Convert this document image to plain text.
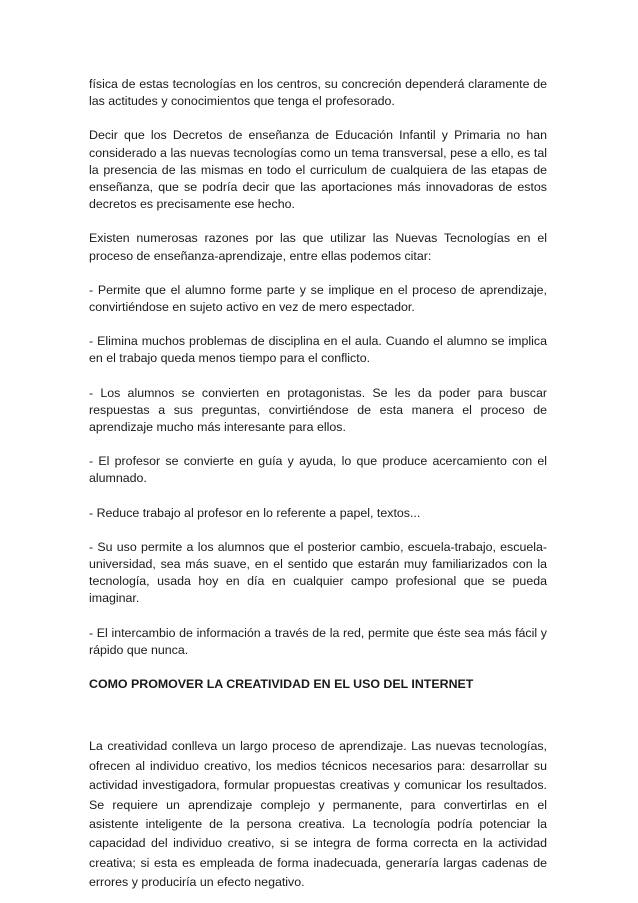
física de estas tecnologías en los centros, su concreción dependerá claramente de las actitudes y conocimientos que tenga el profesorado.

Decir que los Decretos de enseñanza de Educación Infantil y Primaria no han considerado a las nuevas tecnologías como un tema transversal, pese a ello, es tal la presencia de las mismas en todo el curriculum de cualquiera de las etapas de enseñanza, que se podría decir que las aportaciones más innovadoras de estos decretos es precisamente ese hecho.

Existen numerosas razones por las que utilizar las Nuevas Tecnologías en el proceso de enseñanza-aprendizaje, entre ellas podemos citar:

- Permite que el alumno forme parte y se implique en el proceso de aprendizaje, convirtiéndose en sujeto activo en vez de mero espectador.

- Elimina muchos problemas de disciplina en el aula. Cuando el alumno se implica en el trabajo queda menos tiempo para el conflicto.

- Los alumnos se convierten en protagonistas. Se les da poder para buscar respuestas a sus preguntas, convirtiéndose de esta manera el proceso de aprendizaje mucho más interesante para ellos.

- El profesor se convierte en guía y ayuda, lo que produce acercamiento con el alumnado.

- Reduce trabajo al profesor en lo referente a papel, textos...

- Su uso permite a los alumnos que el posterior cambio, escuela-trabajo, escuela-universidad, sea más suave, en el sentido que estarán muy familiarizados con la tecnología, usada hoy en día en cualquier campo profesional que se pueda imaginar.

- El intercambio de información a través de la red, permite que éste sea más fácil y rápido que nunca.

COMO PROMOVER LA CREATIVIDAD EN EL USO DEL INTERNET

La creatividad conlleva un largo proceso de aprendizaje. Las nuevas tecnologías, ofrecen al individuo creativo, los medios técnicos necesarios para: desarrollar su actividad investigadora, formular propuestas creativas y comunicar los resultados. Se requiere un aprendizaje complejo y permanente, para convertirlas en el asistente inteligente de la persona creativa. La tecnología podría potenciar la capacidad del individuo creativo, si se integra de forma correcta en la actividad creativa; si esta es empleada de forma inadecuada, generaría largas cadenas de errores y produciría un efecto negativo.
